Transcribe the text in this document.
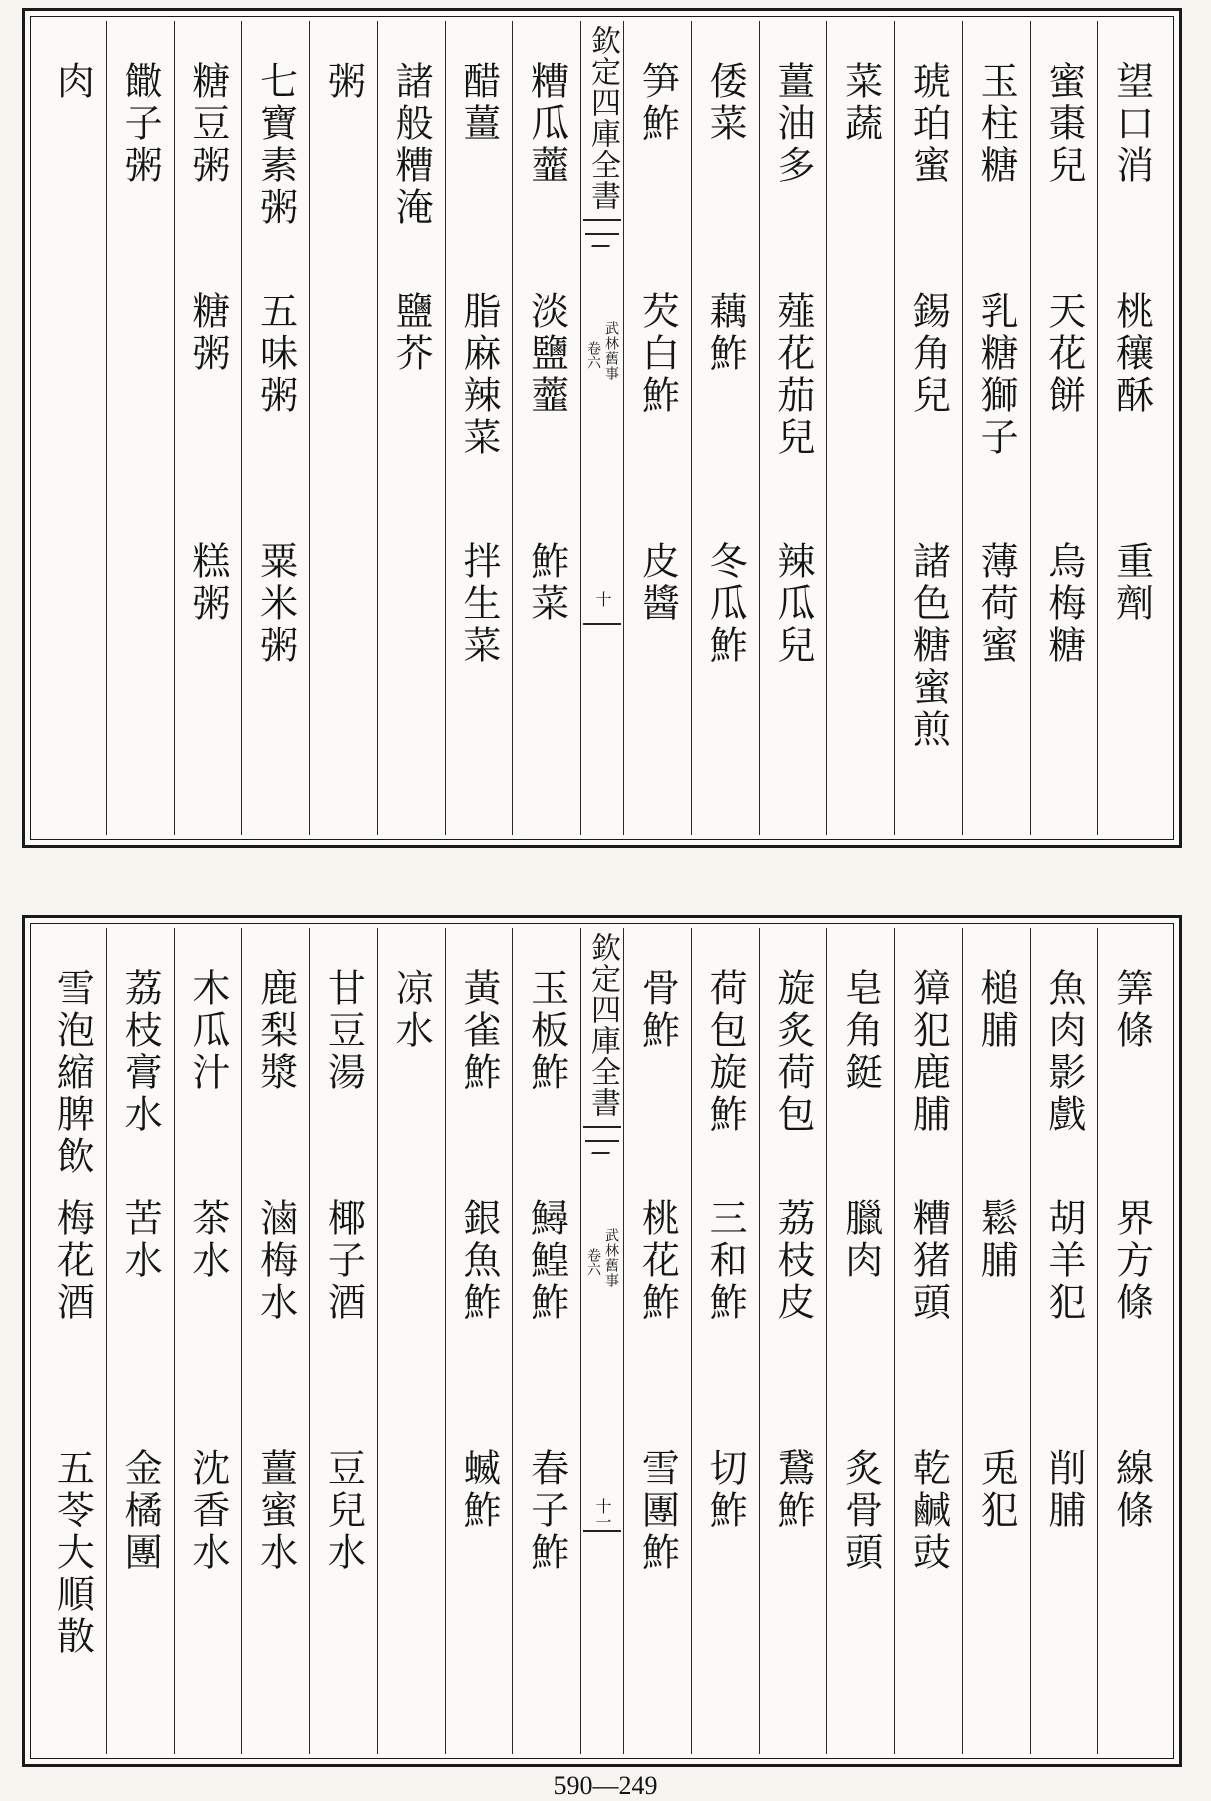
望口消
桃穰酥
重劑
蜜棗兒
天花餅
烏梅糖
玉柱糖
乳糖獅子
薄荷蜜
琥珀蜜
錫角兒
諸色糖蜜煎
菜蔬
薑油多
薤花茄兒
辣瓜兒
倭菜
藕鮓
冬瓜鮓
笋鮓
芡白鮓
皮醬
欽定四庫全書
武林舊事
卷六
十
糟瓜虀
淡鹽虀
鮓菜
醋薑
脂麻辣菜
拌生菜
諸般糟淹
鹽芥
粥
七寶素粥
五味粥
粟米粥
糖豆粥
糖粥
糕粥
饊子粥
肉
筭條
界方條
線條
魚肉影戲
胡羊犯
削脯
槌脯
鬆脯
兎犯
獐犯鹿脯
糟猪頭
乾鹹豉
皂角鋌
臘肉
炙骨頭
旋炙荷包
荔枝皮
鵞鮓
荷包旋鮓
三和鮓
切鮓
骨鮓
桃花鮓
雪團鮓
欽定四庫全書
武林舊事
卷六
十一
玉板鮓
鱘鰉鮓
春子鮓
黃雀鮓
銀魚鮓
蝛鮓
凉水
甘豆湯
椰子酒
豆兒水
鹿梨漿
滷梅水
薑蜜水
木瓜汁
茶水
沈香水
荔枝膏水
苦水
金橘團
雪泡縮脾飲
梅花酒
五苓大順散
590—249
